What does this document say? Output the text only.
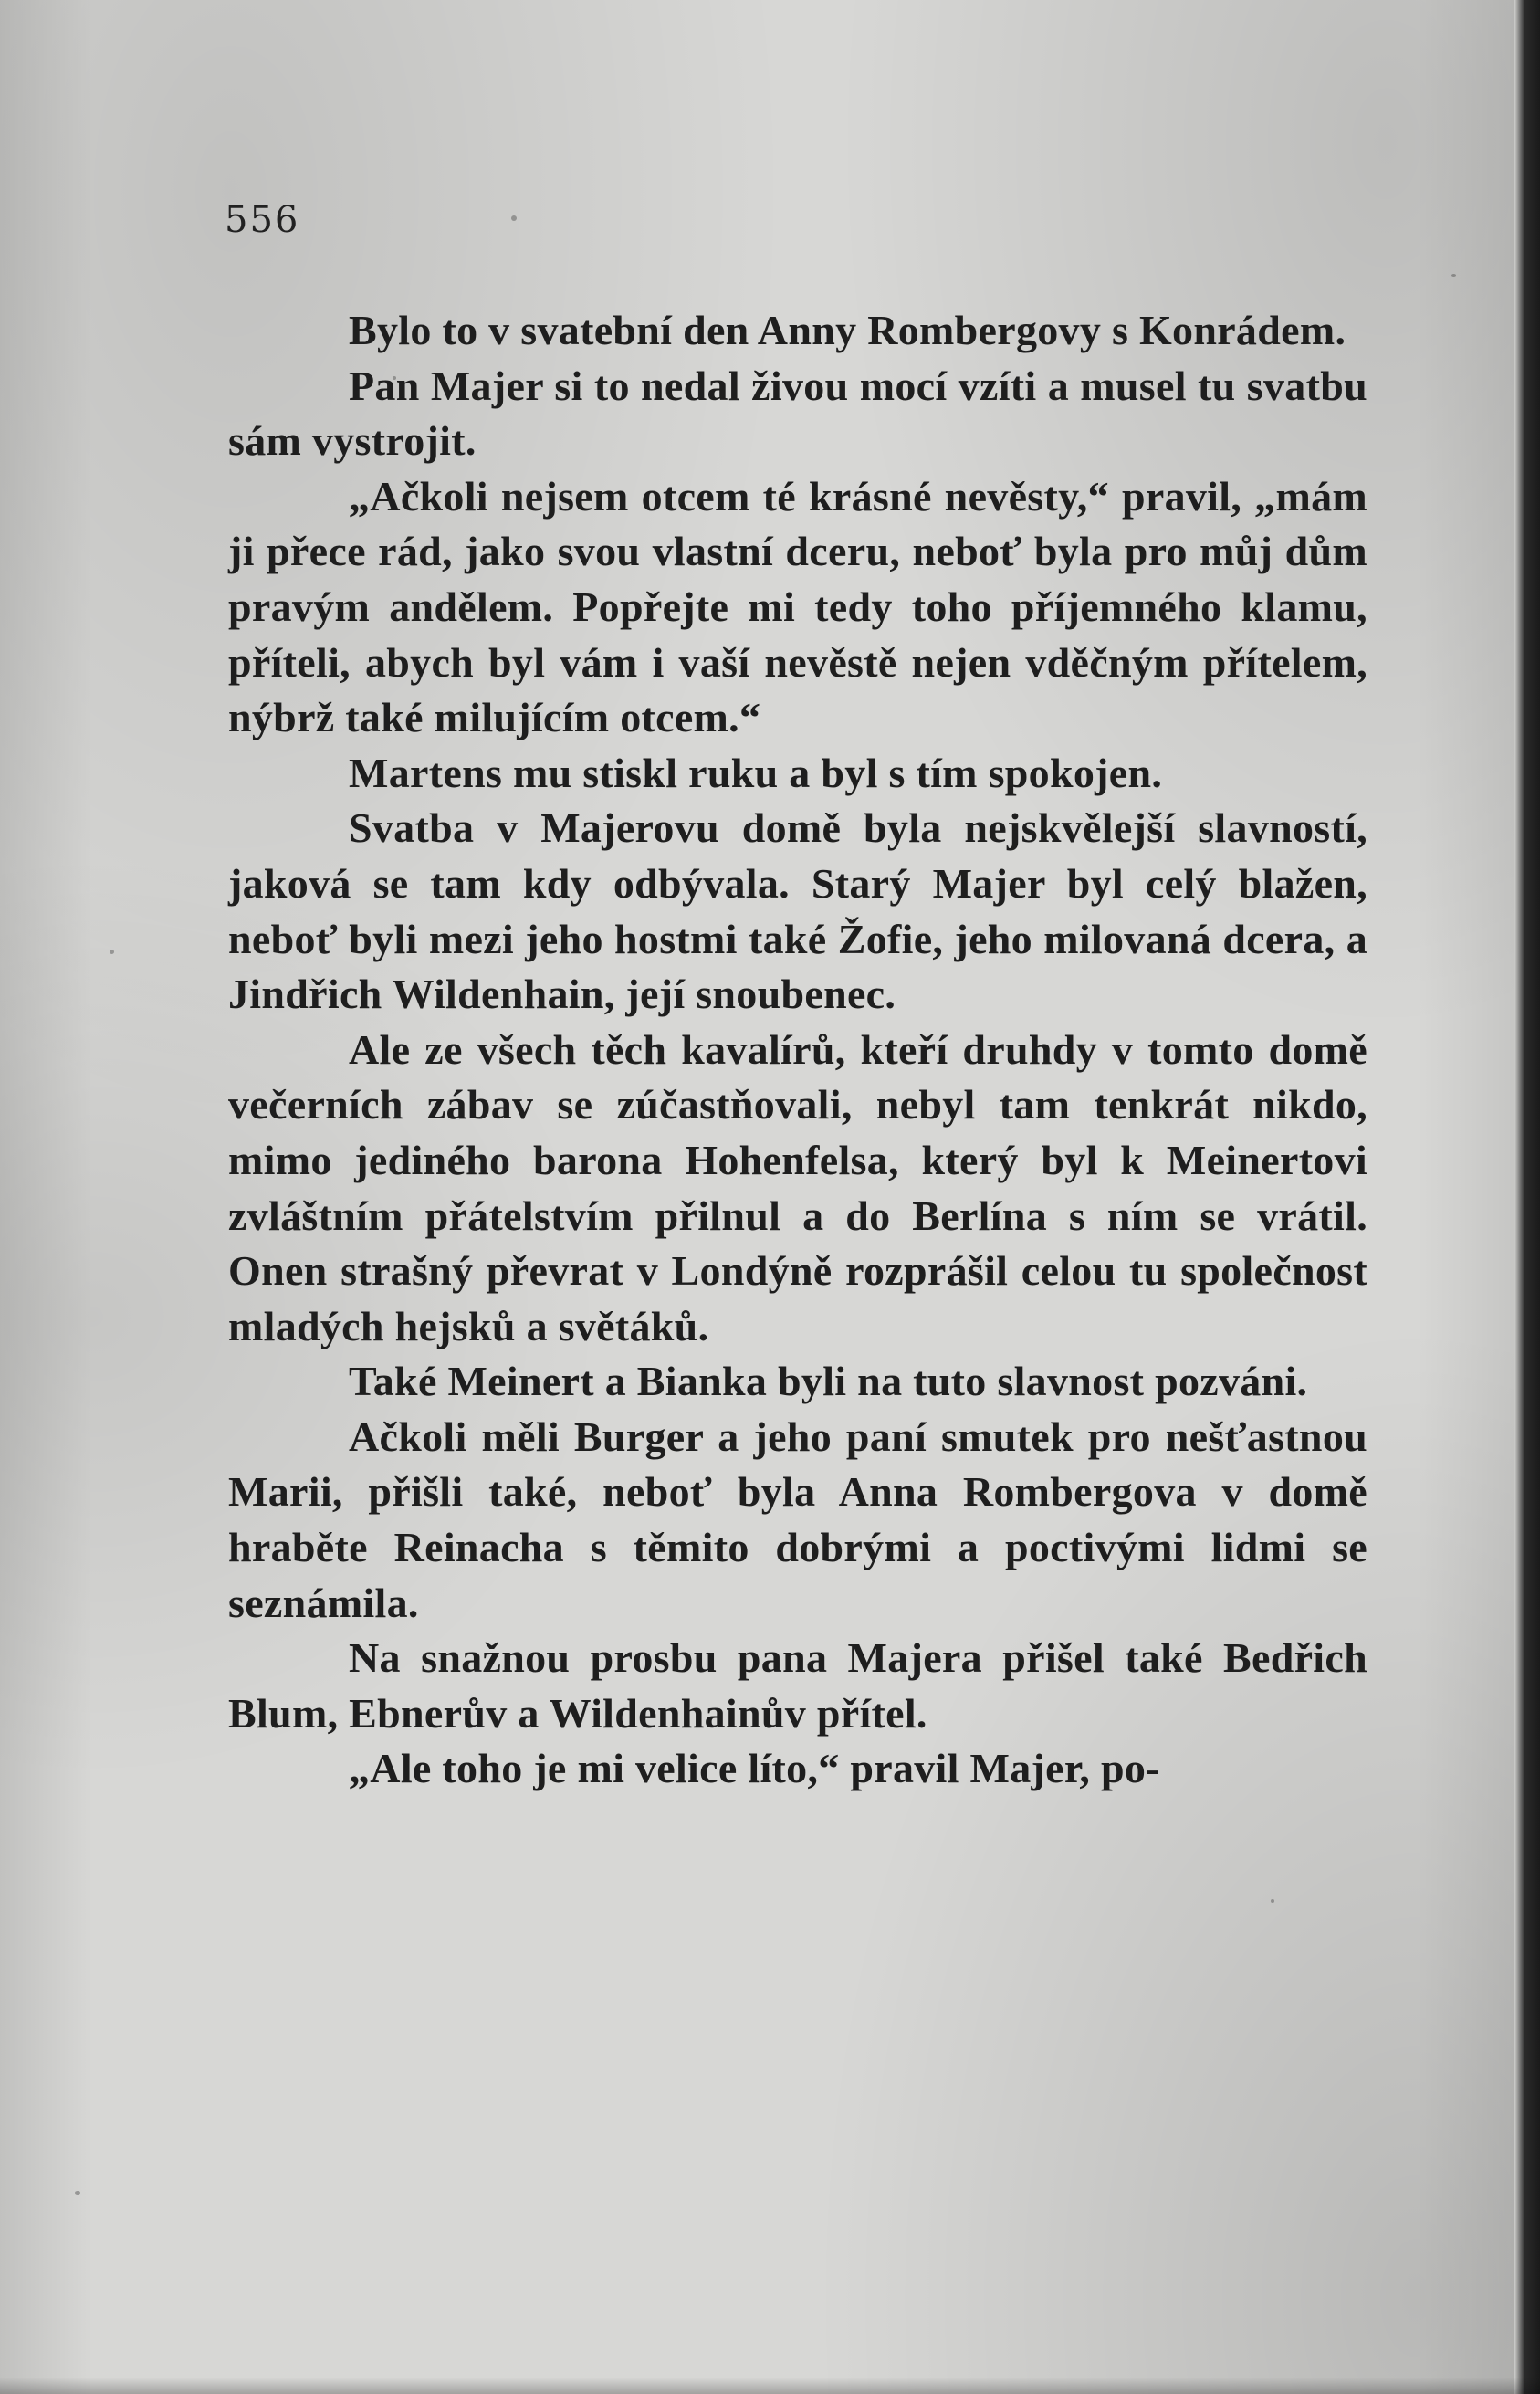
556

Bylo to v svatební den Anny Rombergovy s Konrádem.

Pan Majer si to nedal živou mocí vzíti a musel tu svatbu sám vystrojit.

„Ačkoli nejsem otcem té krásné nevěsty,“ pravil, „mám ji přece rád, jako svou vlastní dceru, neboť byla pro můj dům pravým andělem. Popřejte mi tedy toho příjemného klamu, příteli, abych byl vám i vaší nevěstě nejen vděčným přítelem, nýbrž také milujícím otcem.“

Martens mu stiskl ruku a byl s tím spokojen.

Svatba v Majerovu domě byla nejskvělejší slavností, jaková se tam kdy odbývala. Starý Majer byl celý blažen, neboť byli mezi jeho hostmi také Žofie, jeho milovaná dcera, a Jindřich Wildenhain, její snoubenec.

Ale ze všech těch kavalírů, kteří druhdy v tomto domě večerních zábav se zúčastňovali, nebyl tam tenkrát nikdo, mimo jediného barona Hohenfelsa, který byl k Meinertovi zvláštním přátelstvím přilnul a do Berlína s ním se vrátil. Onen strašný převrat v Londýně rozprášil celou tu společnost mladých hejsků a světáků.

Také Meinert a Bianka byli na tuto slavnost pozváni.

Ačkoli měli Burger a jeho paní smutek pro nešťastnou Marii, přišli také, neboť byla Anna Rombergova v domě hraběte Reinacha s těmito dobrými a poctivými lidmi se seznámila.

Na snažnou prosbu pana Majera přišel také Bedřich Blum, Ebnerův a Wildenhainův přítel.

„Ale toho je mi velice líto,“ pravil Majer, po-
